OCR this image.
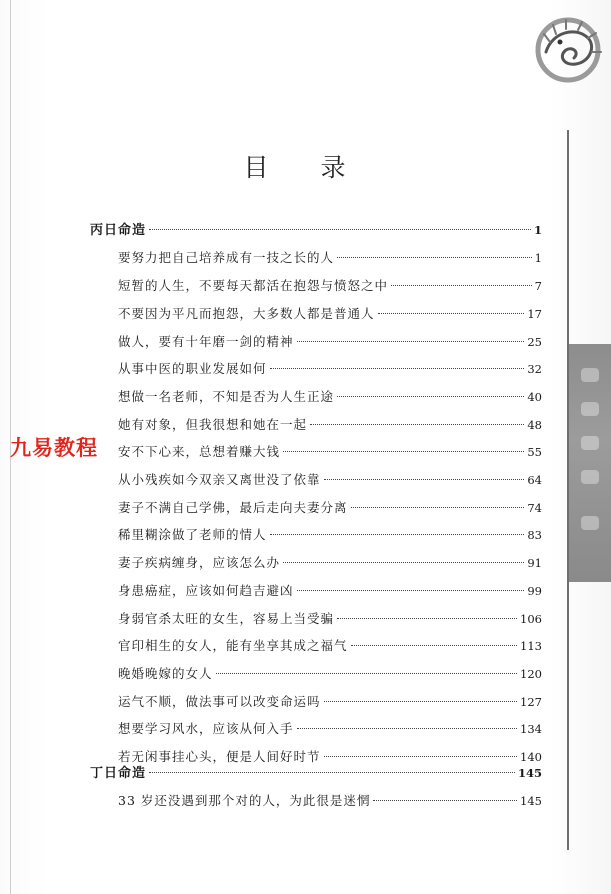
目 录
丙日命造	1
要努力把自己培养成有一技之长的人	1
短暂的人生，不要每天都活在抱怨与愤怒之中	7
不要因为平凡而抱怨，大多数人都是普通人	17
做人，要有十年磨一剑的精神	25
从事中医的职业发展如何	32
想做一名老师，不知是否为人生正途	40
她有对象，但我很想和她在一起	48
安不下心来，总想着赚大钱	55
从小残疾如今双亲又离世没了依靠	64
妻子不满自己学佛，最后走向夫妻分离	74
稀里糊涂做了老师的情人	83
妻子疾病缠身，应该怎么办	91
身患癌症，应该如何趋吉避凶	99
身弱官杀太旺的女生，容易上当受骗	106
官印相生的女人，能有坐享其成之福气	113
晚婚晚嫁的女人	120
运气不顺，做法事可以改变命运吗	127
想要学习风水，应该从何入手	134
若无闲事挂心头，便是人间好时节	140
丁日命造	145
33 岁还没遇到那个对的人，为此很是迷惘	145
九易教程
